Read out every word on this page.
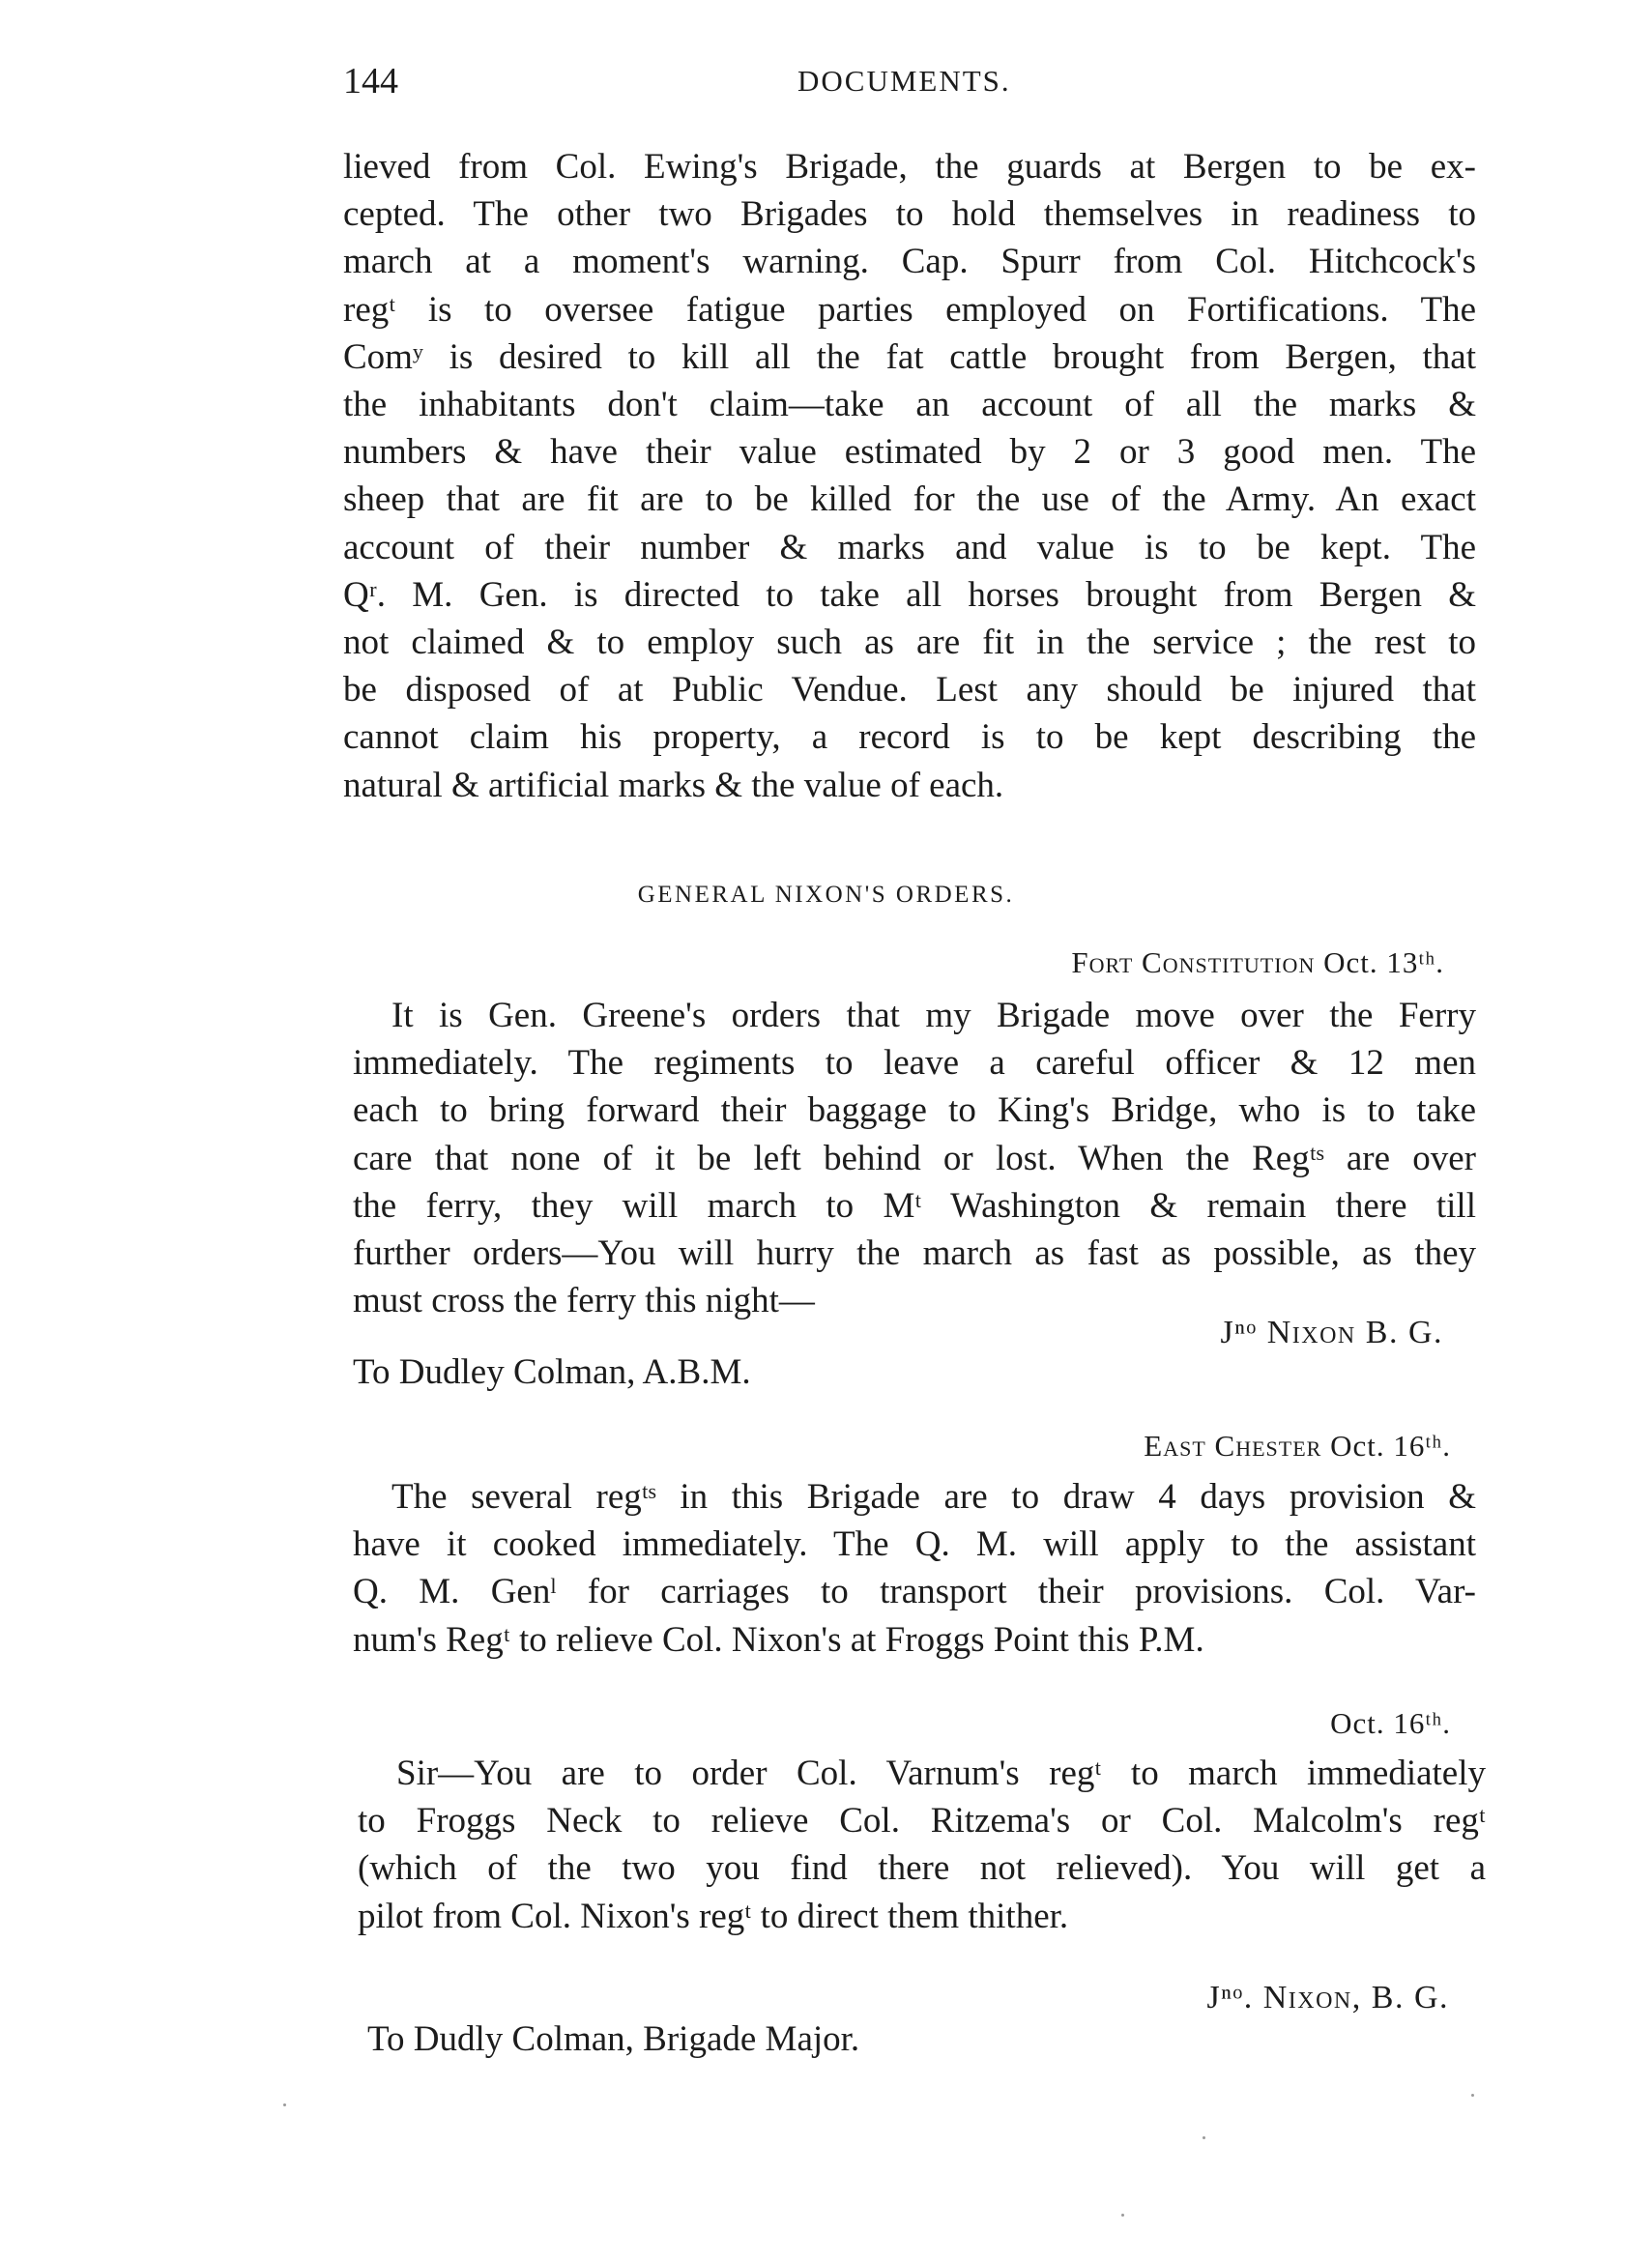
144	DOCUMENTS.
lieved from Col. Ewing's Brigade, the guards at Bergen to be ex-
cepted. The other two Brigades to hold themselves in readiness to
march at a moment's warning. Cap. Spurr from Col. Hitchcock's
regᵗ is to oversee fatigue parties employed on Fortifications. The
Comʸ is desired to kill all the fat cattle brought from Bergen, that
the inhabitants don't claim—take an account of all the marks &
numbers & have their value estimated by 2 or 3 good men. The
sheep that are fit are to be killed for the use of the Army. An exact
account of their number & marks and value is to be kept. The
Qʳ. M. Gen. is directed to take all horses brought from Bergen &
not claimed & to employ such as are fit in the service ; the rest to
be disposed of at Public Vendue. Lest any should be injured that
cannot claim his property, a record is to be kept describing the
natural & artificial marks & the value of each.
GENERAL NIXON'S ORDERS.
Fort Constitution Oct. 13ᵗʰ.
It is Gen. Greene's orders that my Brigade move over the Ferry
immediately. The regiments to leave a careful officer & 12 men
each to bring forward their baggage to King's Bridge, who is to take
care that none of it be left behind or lost. When the Regᵗˢ are over
the ferry, they will march to Mᵗ Washington & remain there till
further orders—You will hurry the march as fast as possible, as they
must cross the ferry this night—
Jⁿᵒ Nixon B. G.
To Dudley Colman, A.B.M.
East Chester Oct. 16ᵗʰ.
The several regᵗˢ in this Brigade are to draw 4 days provision &
have it cooked immediately. The Q. M. will apply to the assistant
Q. M. Genˡ for carriages to transport their provisions. Col. Var-
num's Regᵗ to relieve Col. Nixon's at Froggs Point this P.M.
Oct. 16ᵗʰ.
Sir—You are to order Col. Varnum's regᵗ to march immediately
to Froggs Neck to relieve Col. Ritzema's or Col. Malcolm's regᵗ
(which of the two you find there not relieved). You will get a
pilot from Col. Nixon's regᵗ to direct them thither.
Jⁿᵒ. Nixon, B. G.
To Dudly Colman, Brigade Major.
